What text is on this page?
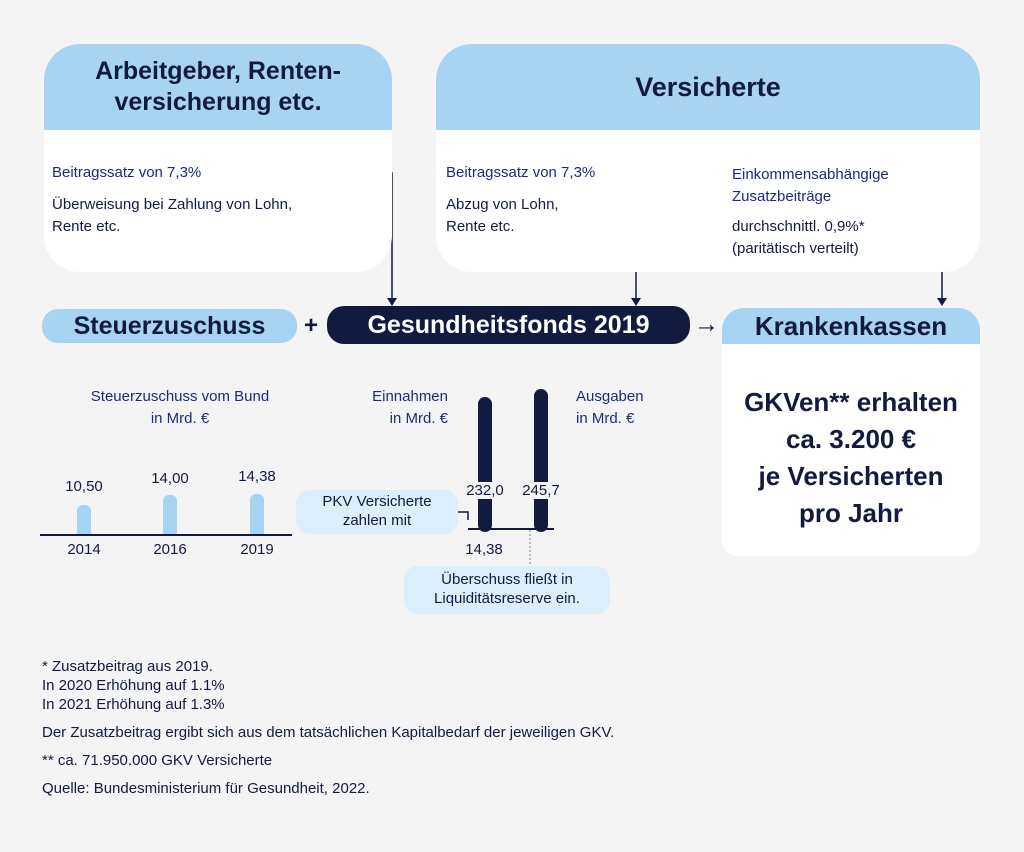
Arbeitgeber, Renten-
versicherung etc.
Beitragssatz von 7,3%
Überweisung bei Zahlung von Lohn,
Rente etc.
Versicherte
Beitragssatz von 7,3%
Abzug von Lohn,
Rente etc.
Einkommensabhängige
Zusatzbeiträge
durchschnittl. 0,9%*
(paritätisch verteilt)
Steuerzuschuss	+	Gesundheitsfonds 2019	→ Krankenkassen
GKVen** erhalten
ca. 3.200 €
je Versicherten
pro Jahr
Steuerzuschuss vom Bund
in Mrd. €
10,50	14,00	14,38
2014	2016	2019
PKV Versicherte
zahlen mit
Einnahmen
in Mrd. €
Ausgaben
in Mrd. €
232,0	245,7
14,38
Überschuss fließt in
Liquiditätsreserve ein.
* Zusatzbeitrag aus 2019.
In 2020 Erhöhung auf 1.1%
In 2021 Erhöhung auf 1.3%
Der Zusatzbeitrag ergibt sich aus dem tatsächlichen Kapitalbedarf der jeweiligen GKV.
** ca. 71.950.000 GKV Versicherte
Quelle: Bundesministerium für Gesundheit, 2022.
